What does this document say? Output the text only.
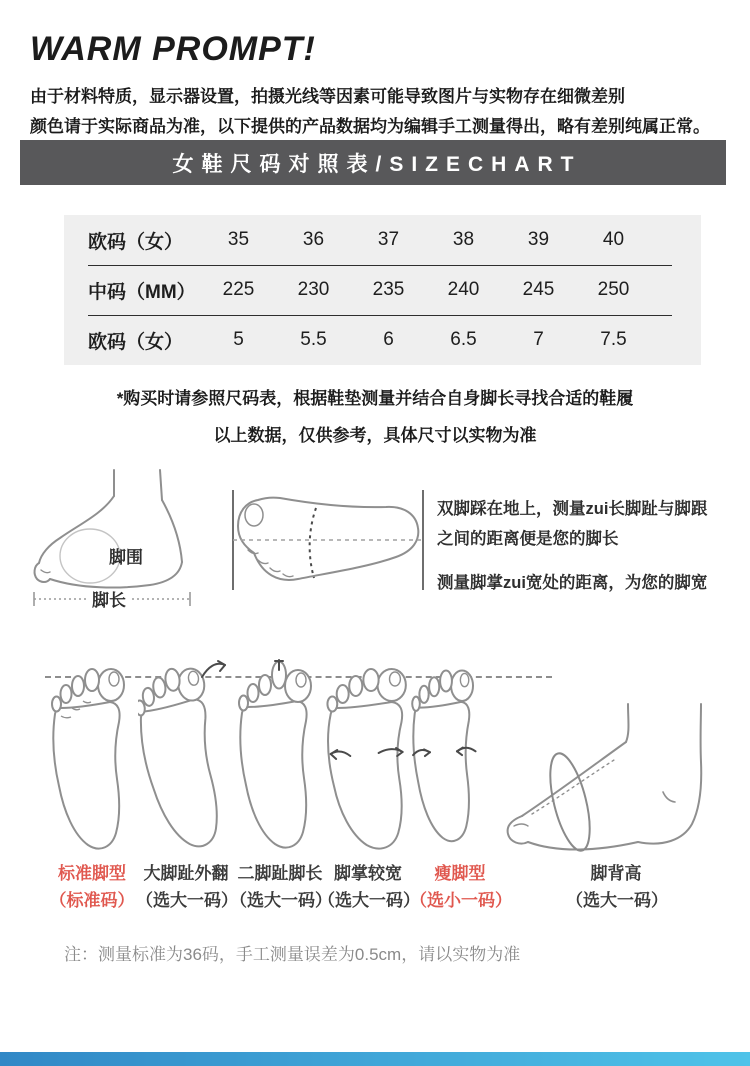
WARM PROMPT!
由于材料特质，显示器设置，拍摄光线等因素可能导致图片与实物存在细微差别
颜色请于实际商品为准，以下提供的产品数据均为编辑手工测量得出，略有差别纯属正常。
女鞋尺码对照表/SIZECHART
欧码（女）	35	36	37	38	39	40
中码（MM）	225	230	235	240	245	250
欧码（女）	5	5.5	6	6.5	7	7.5
*购买时请参照尺码表，根据鞋垫测量并结合自身脚长寻找合适的鞋履
以上数据，仅供参考，具体尺寸以实物为准
脚围
脚长
双脚踩在地上，测量zui长脚趾与脚跟
之间的距离便是您的脚长
测量脚掌zui宽处的距离，为您的脚宽
标准脚型
（标准码）
大脚趾外翻
（选大一码）
二脚趾脚长
（选大一码）
脚掌较宽
（选大一码）
瘦脚型
（选小一码）
脚背高
（选大一码）
注：测量标准为36码，手工测量误差为0.5cm，请以实物为准
